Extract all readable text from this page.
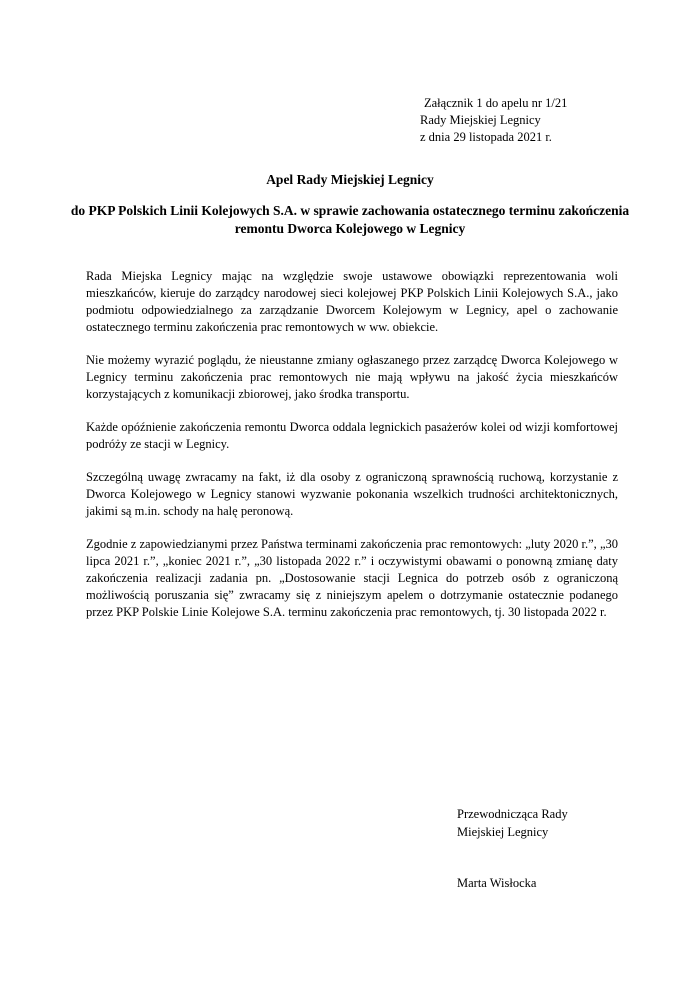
Załącznik 1 do apelu nr 1/21
Rady Miejskiej Legnicy
z dnia 29 listopada 2021 r.
Apel Rady Miejskiej Legnicy
do PKP Polskich Linii Kolejowych S.A. w sprawie zachowania ostatecznego terminu zakończenia remontu Dworca Kolejowego w Legnicy

Rada Miejska Legnicy mając na względzie swoje ustawowe obowiązki reprezentowania woli mieszkańców, kieruje do zarządcy narodowej sieci kolejowej PKP Polskich Linii Kolejowych S.A., jako podmiotu odpowiedzialnego za zarządzanie Dworcem Kolejowym w Legnicy, apel o zachowanie ostatecznego terminu zakończenia prac remontowych w ww. obiekcie.

Nie możemy wyrazić poglądu, że nieustanne zmiany ogłaszanego przez zarządcę Dworca Kolejowego w Legnicy terminu zakończenia prac remontowych nie mają wpływu na jakość życia mieszkańców korzystających z komunikacji zbiorowej, jako środka transportu.

Każde opóźnienie zakończenia remontu Dworca oddala legnickich pasażerów kolei od wizji komfortowej podróży ze stacji w Legnicy.

Szczególną uwagę zwracamy na fakt, iż dla osoby z ograniczoną sprawnością ruchową, korzystanie z Dworca Kolejowego w Legnicy stanowi wyzwanie pokonania wszelkich trudności architektonicznych, jakimi są m.in. schody na halę peronową.

Zgodnie z zapowiedzianymi przez Państwa terminami zakończenia prac remontowych: „luty 2020 r.”, „30 lipca 2021 r.”, „koniec 2021 r.”, „30 listopada 2022 r.” i oczywistymi obawami o ponowną zmianę daty zakończenia realizacji zadania pn. „Dostosowanie stacji Legnica do potrzeb osób z ograniczoną możliwością poruszania się” zwracamy się z niniejszym apelem o dotrzymanie ostatecznie podanego przez PKP Polskie Linie Kolejowe S.A. terminu zakończenia prac remontowych, tj. 30 listopada 2022 r.

Przewodnicząca Rady
Miejskiej Legnicy
Marta Wisłocka
